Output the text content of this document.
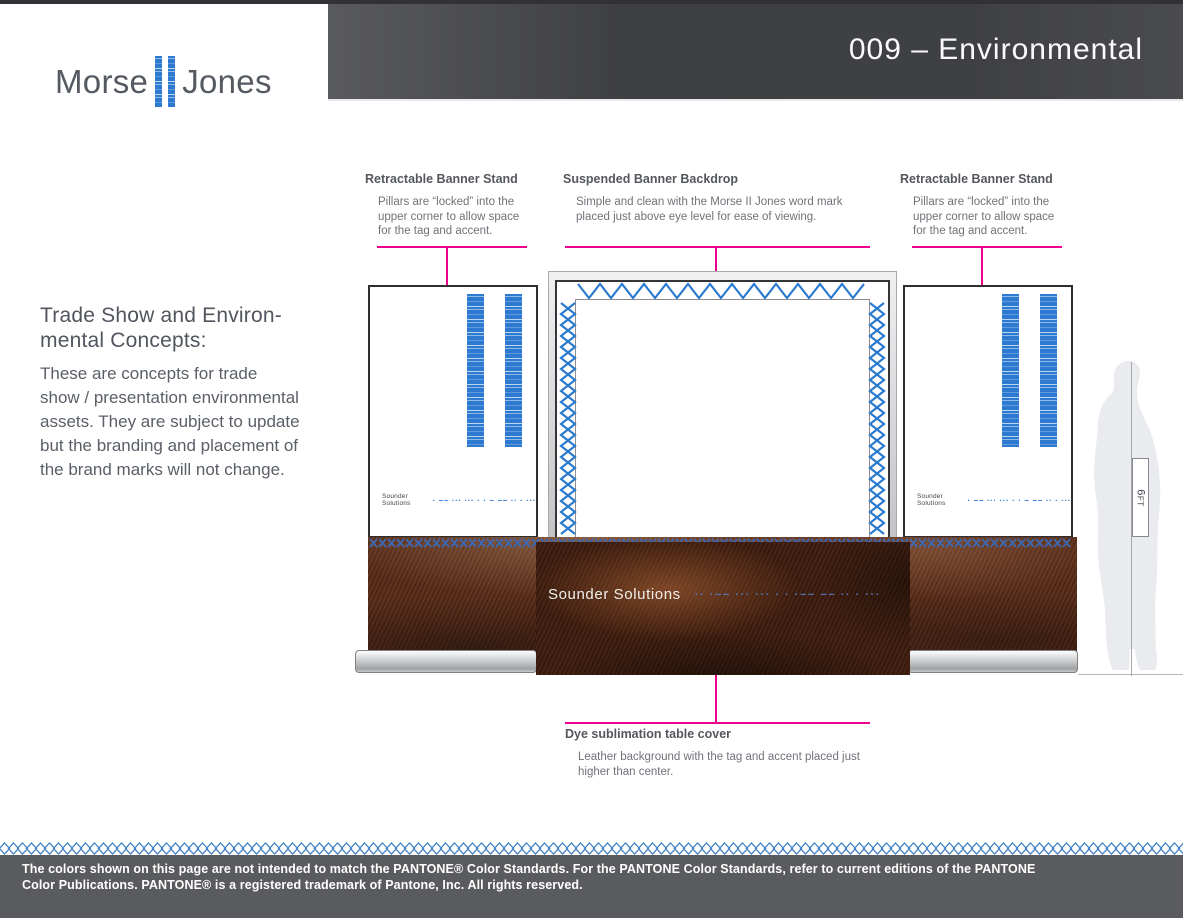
009 – Environmental
Morse Jones
Trade Show and Environ-
mental Concepts:
These are concepts for trade
show / presentation environmental
assets. They are subject to update
but the branding and placement of
the brand marks will not change.
Retractable Banner Stand
Pillars are “locked” into the
upper corner to allow space
for the tag and accent.
Suspended Banner Backdrop
Simple and clean with the Morse II Jones word mark
placed just above eye level for ease of viewing.
Retractable Banner Stand
Pillars are “locked” into the
upper corner to allow space
for the tag and accent.
Dye sublimation table cover
Leather background with the tag and accent placed just
higher than center.
Sounder Solutions	· −− ··· ··· · · − −− ·· · ···	Sounder Solutions	· −− ··· ··· · · − −− ·· · ···
Sounder Solutions ·· ·−− ··· ··· · · ·−− −− ·· · ···
6FT
The colors shown on this page are not intended to match the PANTONE® Color Standards. For the PANTONE Color Standards, refer to current editions of the PANTONE
Color Publications. PANTONE® is a registered trademark of Pantone, Inc. All rights reserved.
